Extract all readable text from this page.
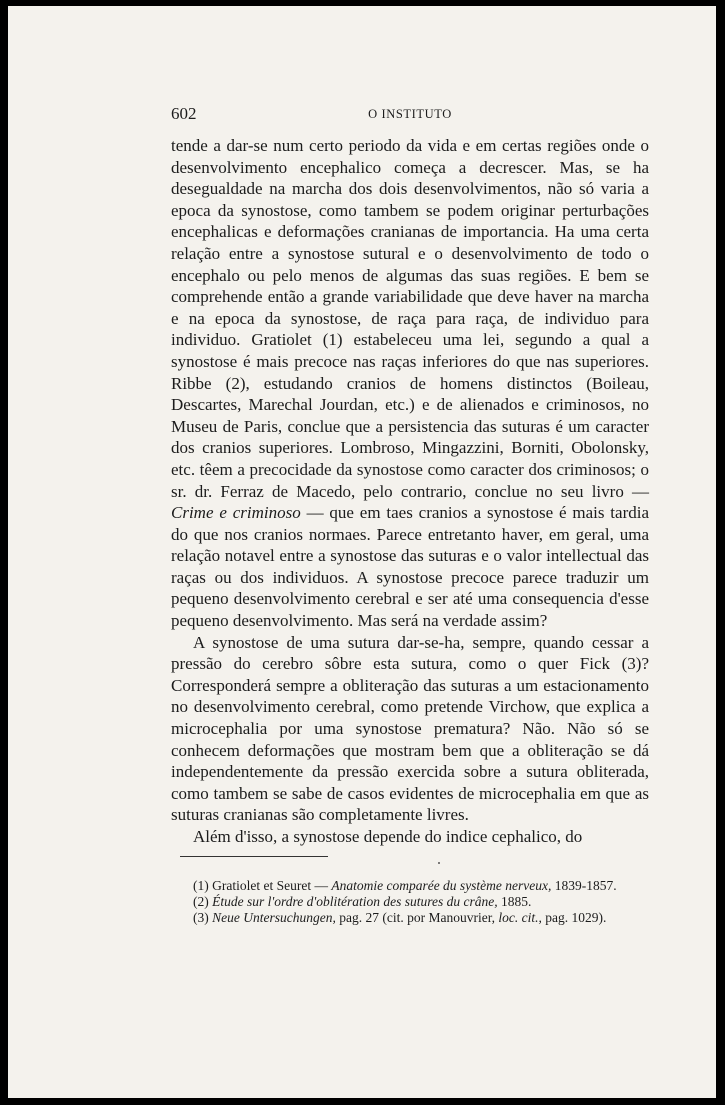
602	O INSTITUTO

tende a dar-se num certo periodo da vida e em certas regiões onde o desenvolvimento encephalico começa a decrescer. Mas, se ha desegualdade na marcha dos dois desenvolvimentos, não só varia a epoca da synostose, como tambem se podem originar perturbações encephalicas e deformações cranianas de importancia. Ha uma certa relação entre a synostose sutural e o desenvolvimento de todo o encephalo ou pelo menos de algumas das suas regiões. E bem se comprehende então a grande variabilidade que deve haver na marcha e na epoca da synostose, de raça para raça, de individuo para individuo. Gratiolet (1) estabeleceu uma lei, segundo a qual a synostose é mais precoce nas raças inferiores do que nas superiores. Ribbe (2), estudando cranios de homens distinctos (Boileau, Descartes, Marechal Jourdan, etc.) e de alienados e criminosos, no Museu de Paris, conclue que a persistencia das suturas é um caracter dos cranios superiores. Lombroso, Mingazzini, Borniti, Obolonsky, etc. têem a precocidade da synostose como caracter dos criminosos; o sr. dr. Ferraz de Macedo, pelo contrario, conclue no seu livro — Crime e criminoso — que em taes cranios a synostose é mais tardia do que nos cranios normaes. Parece entretanto haver, em geral, uma relação notavel entre a synostose das suturas e o valor intellectual das raças ou dos individuos. A synostose precoce parece traduzir um pequeno desenvolvimento cerebral e ser até uma consequencia d'esse pequeno desenvolvimento. Mas será na verdade assim?

A synostose de uma sutura dar-se-ha, sempre, quando cessar a pressão do cerebro sôbre esta sutura, como o quer Fick (3)? Corresponderá sempre a obliteração das suturas a um estacionamento no desenvolvimento cerebral, como pretende Virchow, que explica a microcephalia por uma synostose prematura? Não. Não só se conhecem deformações que mostram bem que a obliteração se dá independentemente da pressão exercida sobre a sutura obliterada, como tambem se sabe de casos evidentes de microcephalia em que as suturas cranianas são completamente livres.

Além d'isso, a synostose depende do indice cephalico, do

(1) Gratiolet et Seuret — Anatomie comparée du système nerveux, 1839-1857.

(2) Étude sur l'ordre d'oblitération des sutures du crâne, 1885.

(3) Neue Untersuchungen, pag. 27 (cit. por Manouvrier, loc. cit., pag. 1029).
